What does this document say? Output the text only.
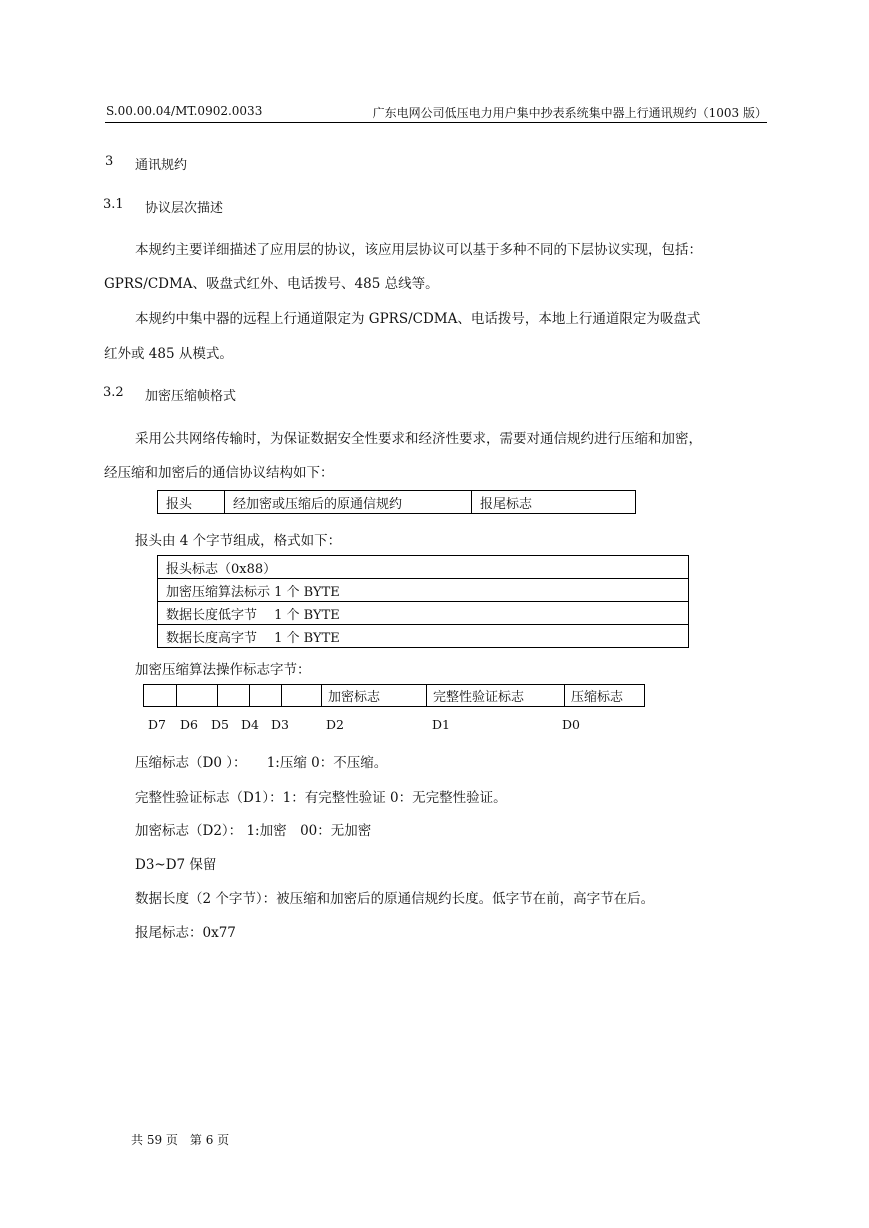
S.00.00.04/MT.0902.0033	广东电网公司低压电力用户集中抄表系统集中器上行通讯规约（1003 版）
3 通讯规约
3.1 协议层次描述
本规约主要详细描述了应用层的协议，该应用层协议可以基于多种不同的下层协议实现，包括：
GPRS/CDMA、吸盘式红外、电话拨号、485 总线等。
本规约中集中器的远程上行通道限定为 GPRS/CDMA、电话拨号，本地上行通道限定为吸盘式
红外或 485 从模式。
3.2 加密压缩帧格式
采用公共网络传输时，为保证数据安全性要求和经济性要求，需要对通信规约进行压缩和加密，
经压缩和加密后的通信协议结构如下：
报头	经加密或压缩后的原通信规约	报尾标志
报头由 4 个字节组成，格式如下：
报头标志（0x88）
加密压缩算法标示 1 个 BYTE
数据长度低字节　 1 个 BYTE
数据长度高字节　 1 个 BYTE
加密压缩算法操作标志字节：
					加密标志	完整性验证标志	压缩标志
D7 D6 D5 D4 D3	D2	D1	D0
压缩标志（D0 ）：　　1:压缩 0：不压缩。
完整性验证标志（D1）：1：有完整性验证 0：无完整性验证。
加密标志（D2）： 1:加密　00：无加密
D3~D7 保留
数据长度（2 个字节）：被压缩和加密后的原通信规约长度。低字节在前，高字节在后。
报尾标志：0x77
共 59 页　第 6 页
